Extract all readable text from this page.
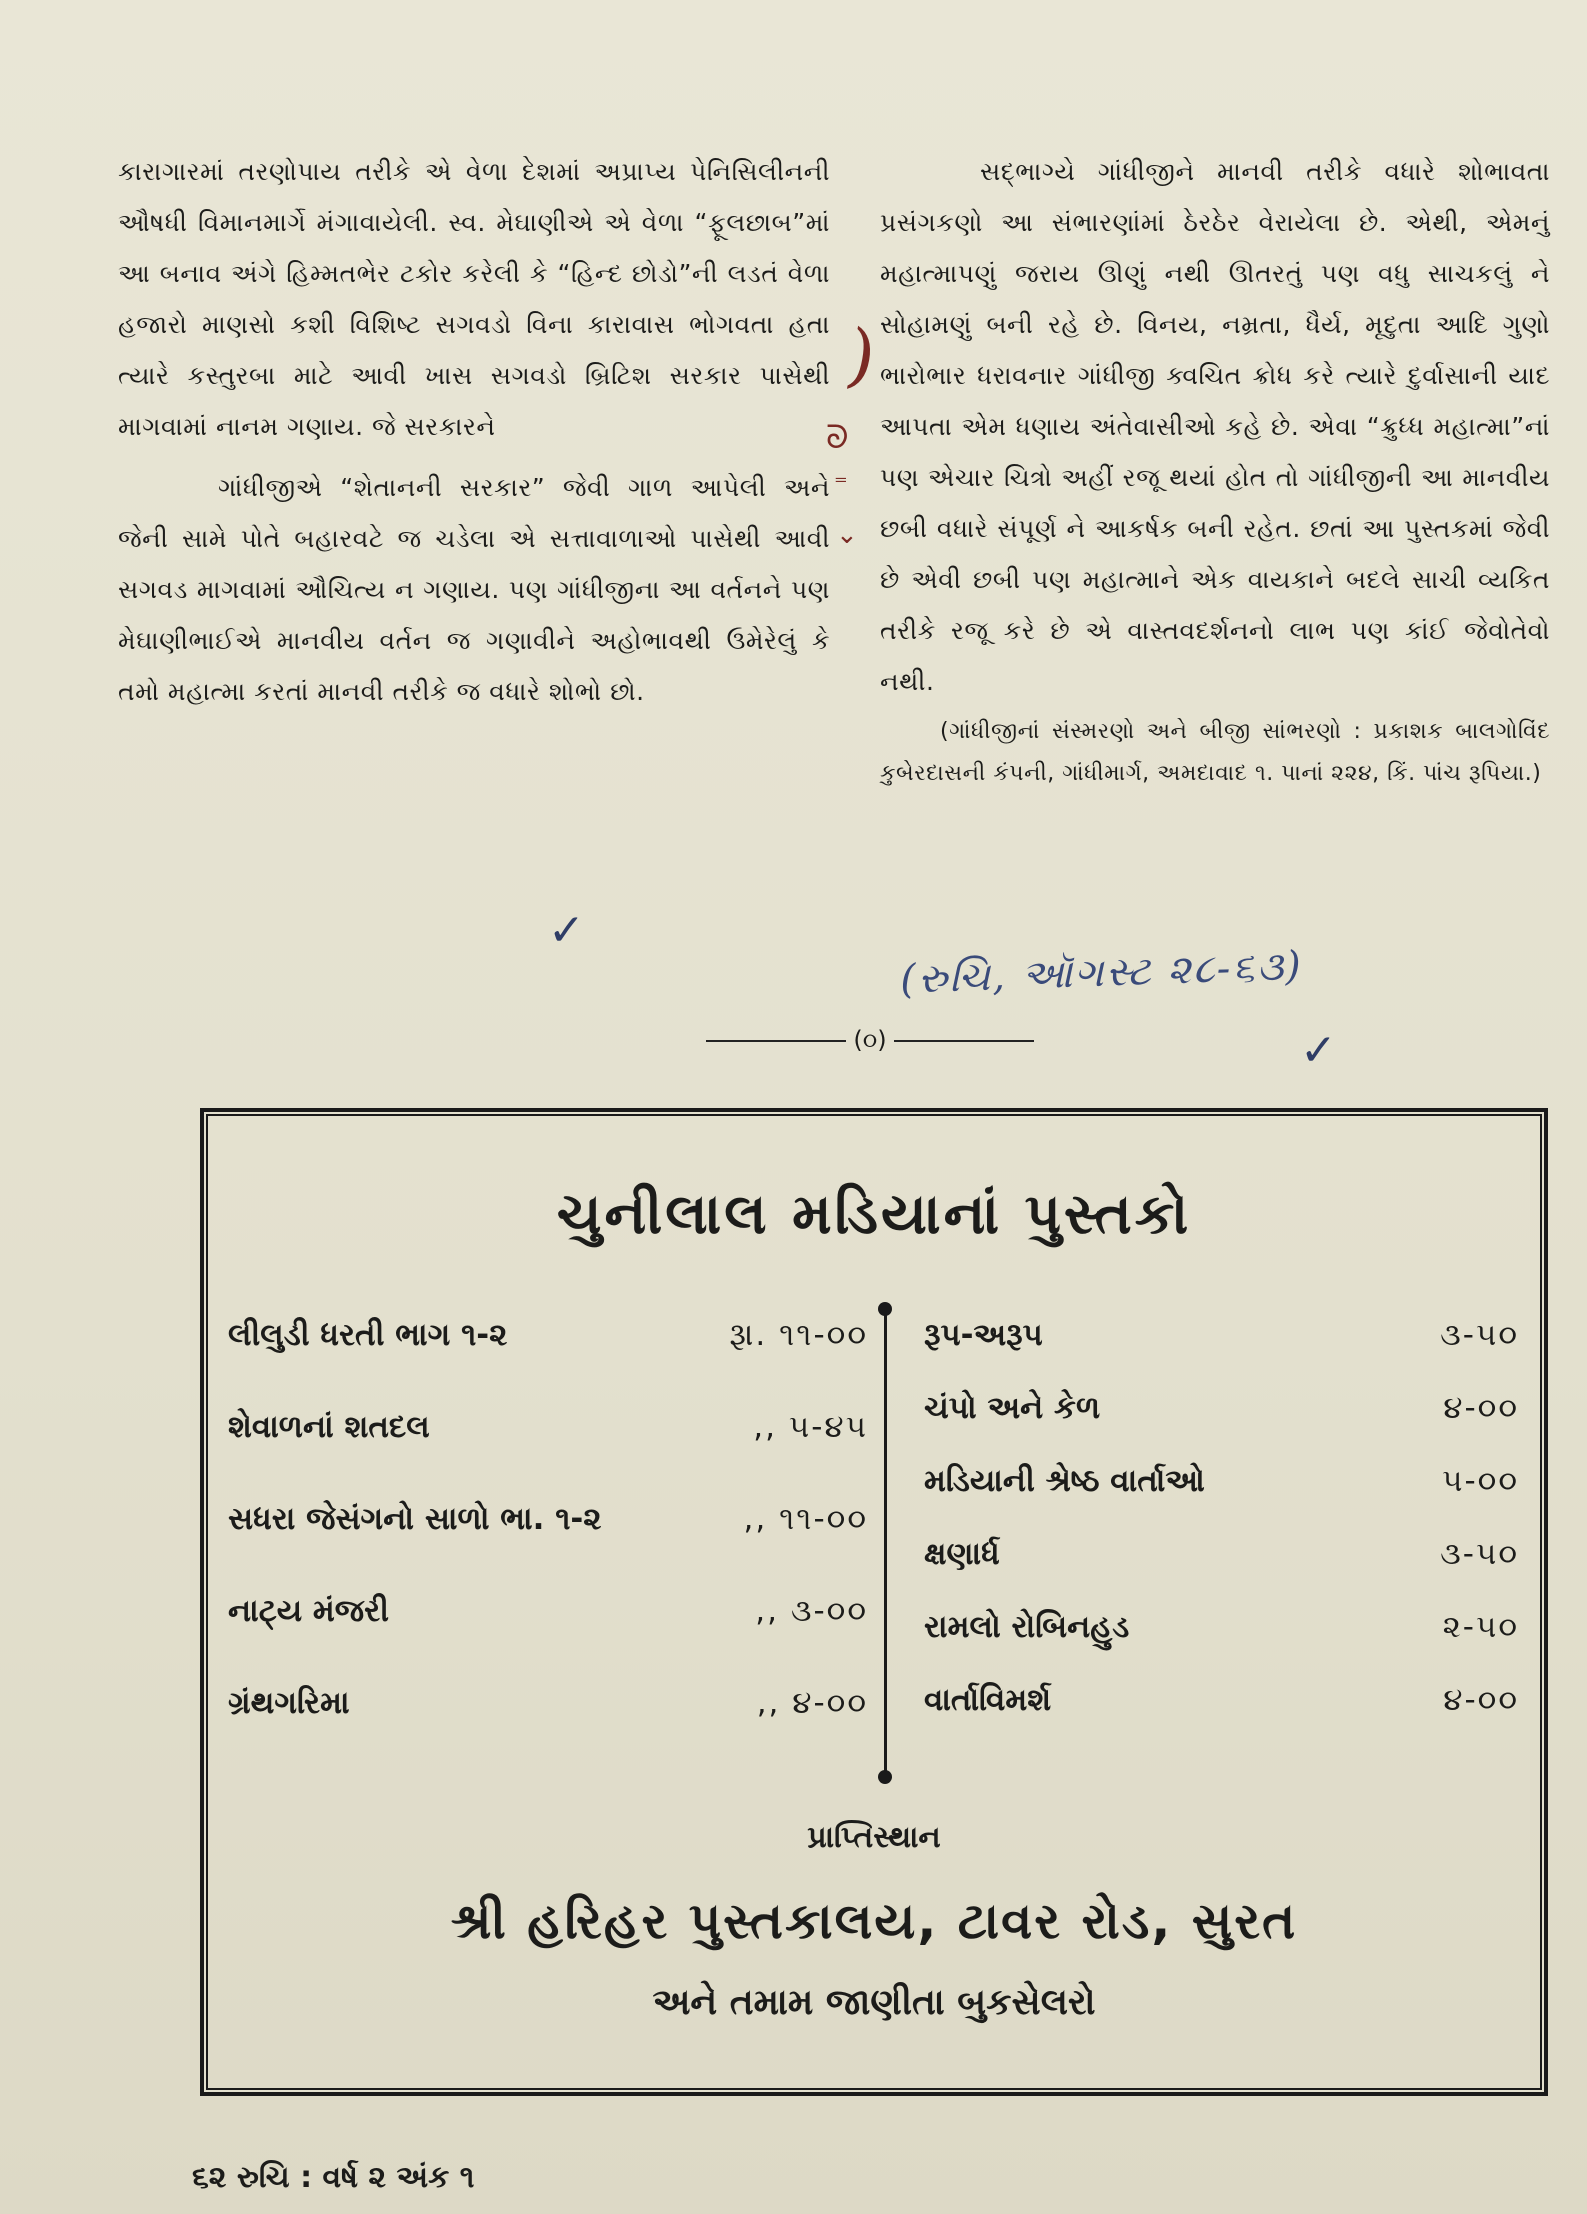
કારાગારમાં તરણોપાય તરીકે એ વેળા દેશમાં અપ્રાપ્ય પેનિસિલીનની ઔષધી વિમાનમાર્ગે મંગાવાયેલી. સ્વ. મેઘાણીએ એ વેળા “ફૂલછાબ”માં આ બનાવ અંગે હિમ્મતભેર ટકોર કરેલી કે “હિન્દ છોડો”ની લડતં વેળા હજારો માણસો કશી વિશિષ્ટ સગવડો વિના કારાવાસ ભોગવતા હતા ત્યારે કસ્તુરબા માટે આવી ખાસ સગવડો બ્રિટિશ સરકાર પાસેથી માગવામાં નાનમ ગણાય. જે સરકારને

ગાંધીજીએ “શેતાનની સરકાર” જેવી ગાળ આપેલી અને જેની સામે પોતે બહારવટે જ ચડેલા એ સત્તાવાળાઓ પાસેથી આવી સગવડ માગવામાં ઔચિત્ય ન ગણાય. પણ ગાંધીજીના આ વર્તનને પણ મેઘાણીભાઈએ માનવીય વર્તન જ ગણાવીને અહોભાવથી ઉમેરેલું કે તમો મહાત્મા કરતાં માનવી તરીકે જ વધારે શોભો છો.

સદ્ભાગ્યે ગાંધીજીને માનવી તરીકે વધારે શોભાવતા પ્રસંગકણો આ સંભારણાંમાં ઠેરઠેર વેરાયેલા છે. એથી, એમનું મહાત્માપણું જરાય ઊણું નથી ઊતરતું પણ વધુ સાચકલું ને સોહામણું બની રહે છે. વિનય, નમ્રતા, ધૈર્ય, મૃદુતા આદિ ગુણો ભારોભાર ધરાવનાર ગાંધીજી ક્વચિત ક્રોધ કરે ત્યારે દુર્વાસાની યાદ આપતા એમ ધણાય અંતેવાસીઓ કહે છે. એવા “ક્રુધ્ધ મહાત્મા”નાં પણ એચાર ચિત્રો અહીં રજૂ થયાં હોત તો ગાંધીજીની આ માનવીય છબી વધારે સંપૂર્ણ ને આકર્ષક બની રહેત. છતાં આ પુસ્તકમાં જેવી છે એવી છબી પણ મહાત્માને એક વાયકાને બદલે સાચી વ્યકિત તરીકે રજૂ કરે છે એ વાસ્તવદર્શનનો લાભ પણ કાંઈ જેવોતેવો નથી.

(ગાંધીજીનાં સંસ્મરણો અને બીજી સાંભરણો : પ્રકાશક બાલગોવિંદ કુબેરદાસની કંપની, ગાંધીમાર્ગ, અમદાવાદ ૧. પાનાં ૨૨૪, કિં. પાંચ રૂપિયા.)

)
ᘐ
⁼
⌄
✓
(રુચિ, ઑગસ્ટ ૨૮-૬૩)
✓
(૦)
ચુનીલાલ મડિયાનાં પુસ્તકો
લીલુડી ધરતી ભાગ ૧-૨	રૂા. ૧૧-૦૦
શેવાળનાં શતદલ	,, ૫-૪૫
સધરા જેસંગનો સાળો ભા. ૧-૨	,, ૧૧-૦૦
નાટ્ય મંજરી	,, ૩-૦૦
ગ્રંથગરિમા	,, ૪-૦૦
રૂપ-અરૂપ	૩-૫૦
ચંપો અને કેળ	૪-૦૦
મડિયાની શ્રેષ્ઠ વાર્તાઓ	૫-૦૦
ક્ષણાર્ધ	૩-૫૦
રામલો રોબિનહુડ	૨-૫૦
વાર્તાવિમર્શ	૪-૦૦
પ્રાપ્તિસ્થાન
શ્રી હરિહર પુસ્તકાલય, ટાવર રોડ, સુરત
અને તમામ જાણીતા બુકસેલરો
૬૨ રુચિ : વર્ષ ૨ અંક ૧
